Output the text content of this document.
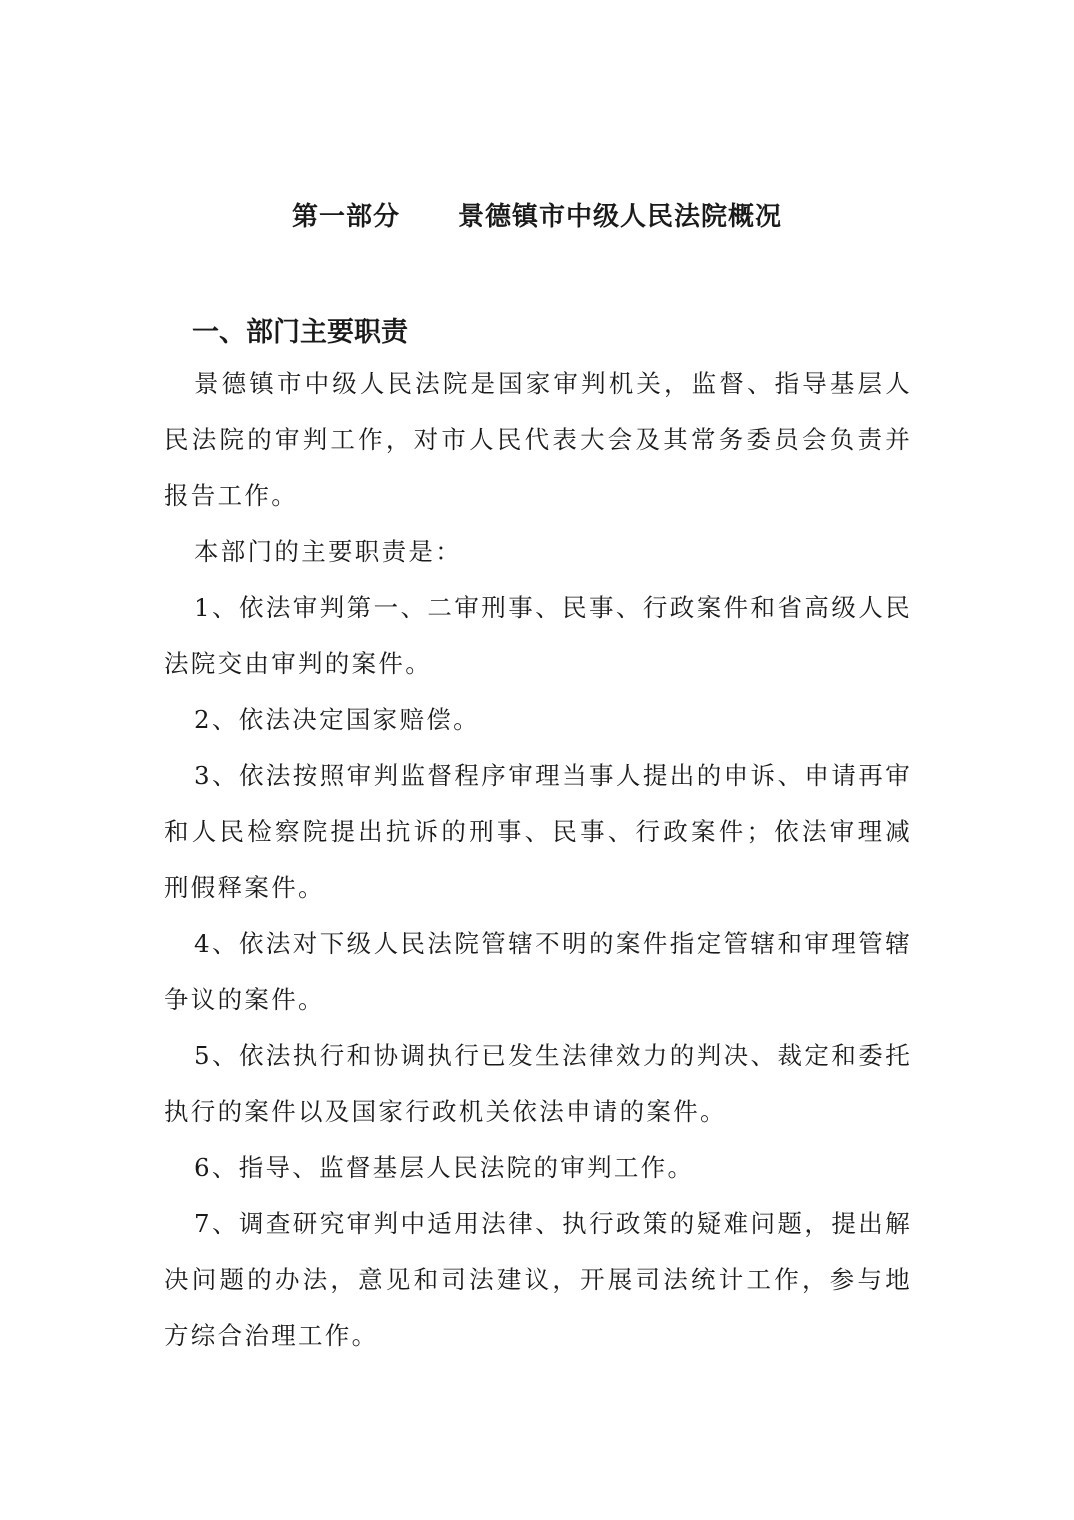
第一部分 景德镇市中级人民法院概况
一、部门主要职责

景德镇市中级人民法院是国家审判机关，监督、指导基层人民法院的审判工作，对市人民代表大会及其常务委员会负责并报告工作。

本部门的主要职责是：

1、依法审判第一、二审刑事、民事、行政案件和省高级人民法院交由审判的案件。

2、依法决定国家赔偿。

3、依法按照审判监督程序审理当事人提出的申诉、申请再审和人民检察院提出抗诉的刑事、民事、行政案件；依法审理减刑假释案件。

4、依法对下级人民法院管辖不明的案件指定管辖和审理管辖争议的案件。

5、依法执行和协调执行已发生法律效力的判决、裁定和委托执行的案件以及国家行政机关依法申请的案件。

6、指导、监督基层人民法院的审判工作。

7、调查研究审判中适用法律、执行政策的疑难问题，提出解决问题的办法，意见和司法建议，开展司法统计工作，参与地方综合治理工作。
